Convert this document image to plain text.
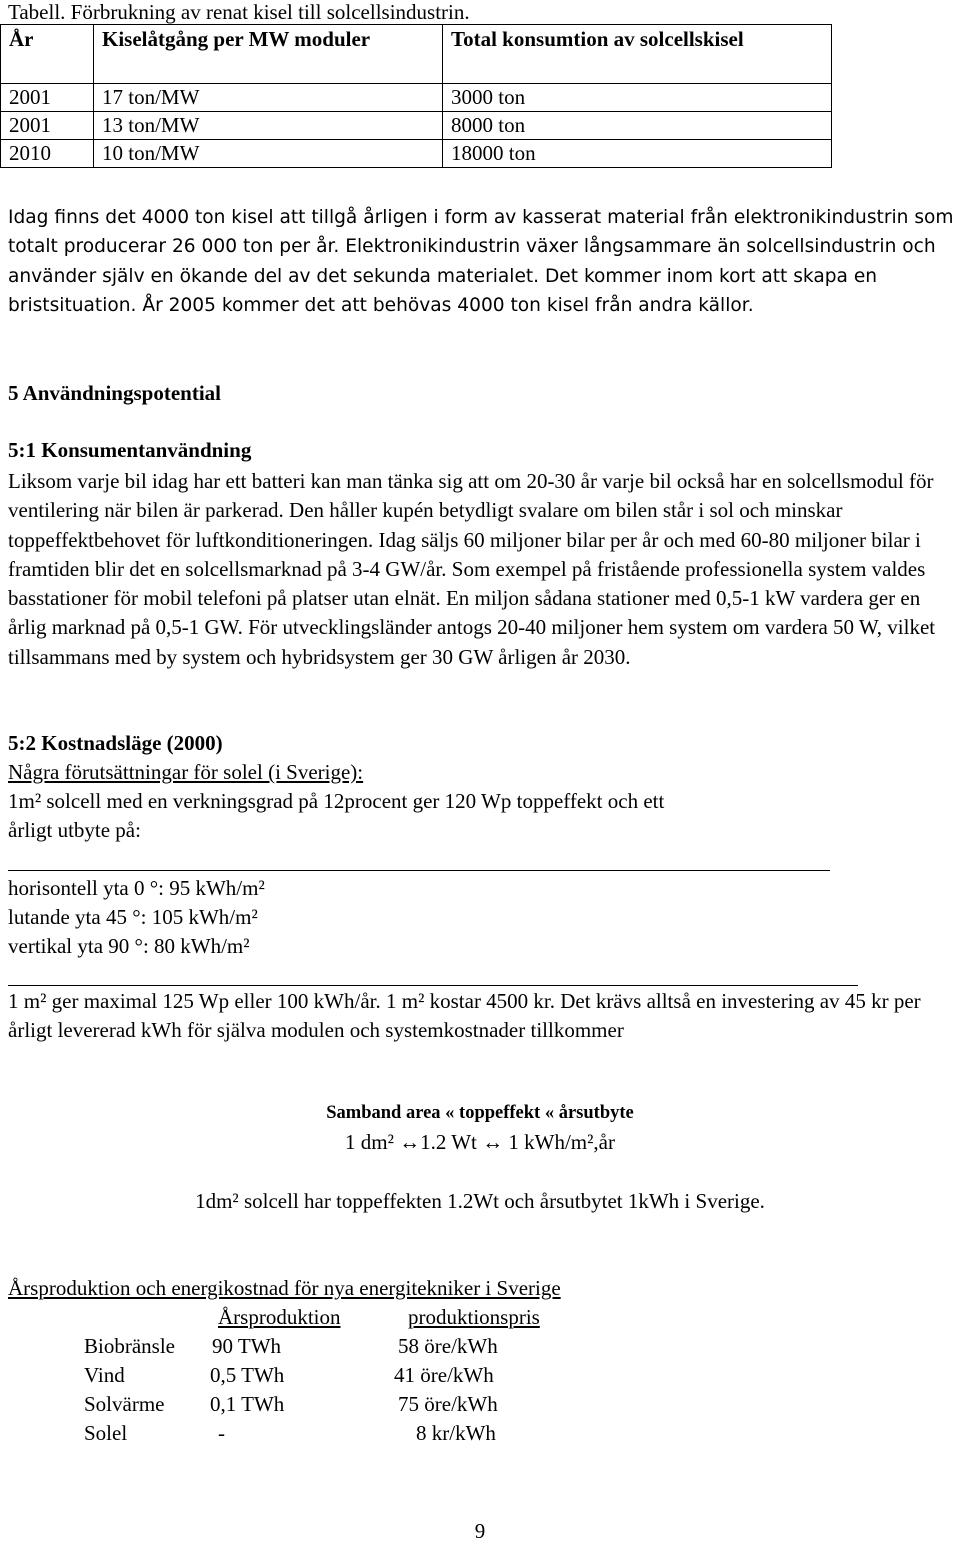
Tabell. Förbrukning av renat kisel till solcellsindustrin.
År	Kiselåtgång per MW moduler	Total konsumtion av solcellskisel
2001	17 ton/MW	3000 ton
2001	13 ton/MW	8000 ton
2010	10 ton/MW	18000 ton
Idag finns det 4000 ton kisel att tillgå årligen i form av kasserat material från elektronikindustrin som totalt producerar 26 000 ton per år. Elektronikindustrin växer långsammare än solcellsindustrin och använder själv en ökande del av det sekunda materialet. Det kommer inom kort att skapa en bristsituation. År 2005 kommer det att behövas 4000 ton kisel från andra källor.
5 Användningspotential
5:1 Konsumentanvändning
Liksom varje bil idag har ett batteri kan man tänka sig att om 20-30 år varje bil också har en solcellsmodul för ventilering när bilen är parkerad. Den håller kupén betydligt svalare om bilen står i sol och minskar toppeffektbehovet för luftkonditioneringen. Idag säljs 60 miljoner bilar per år och med 60-80 miljoner bilar i framtiden blir det en solcellsmarknad på 3-4 GW/år. Som exempel på fristående professionella system valdes basstationer för mobil telefoni på platser utan elnät. En miljon sådana stationer med 0,5-1 kW vardera ger en årlig marknad på 0,5-1 GW. För utvecklingsländer antogs 20-40 miljoner hem system om vardera 50 W, vilket tillsammans med by system och hybridsystem ger 30 GW årligen år 2030.
5:2 Kostnadsläge (2000)
Några förutsättningar för solel (i Sverige):
1m² solcell med en verkningsgrad på 12procent ger 120 Wp toppeffekt och ett
årligt utbyte på:
horisontell yta 0 °: 95 kWh/m²
lutande yta 45 °: 105 kWh/m²
vertikal yta 90 °: 80 kWh/m²
1 m² ger maximal 125 Wp eller 100 kWh/år. 1 m² kostar 4500 kr. Det krävs alltså en investering av 45 kr per årligt levererad kWh för själva modulen och systemkostnader tillkommer
Samband area « toppeffekt « årsutbyte
1 dm² ↔1.2 Wt ↔ 1 kWh/m²,år
1dm² solcell har toppeffekten 1.2Wt och årsutbytet 1kWh i Sverige.
Årsproduktion och energikostnad för nya energitekniker i Sverige
Årsproduktion	produktionspris
Biobränsle 90 TWh	58 öre/kWh
Vind	0,5 TWh	41 öre/kWh
Solvärme 0,1 TWh	75 öre/kWh
Solel	-	8 kr/kWh
9
